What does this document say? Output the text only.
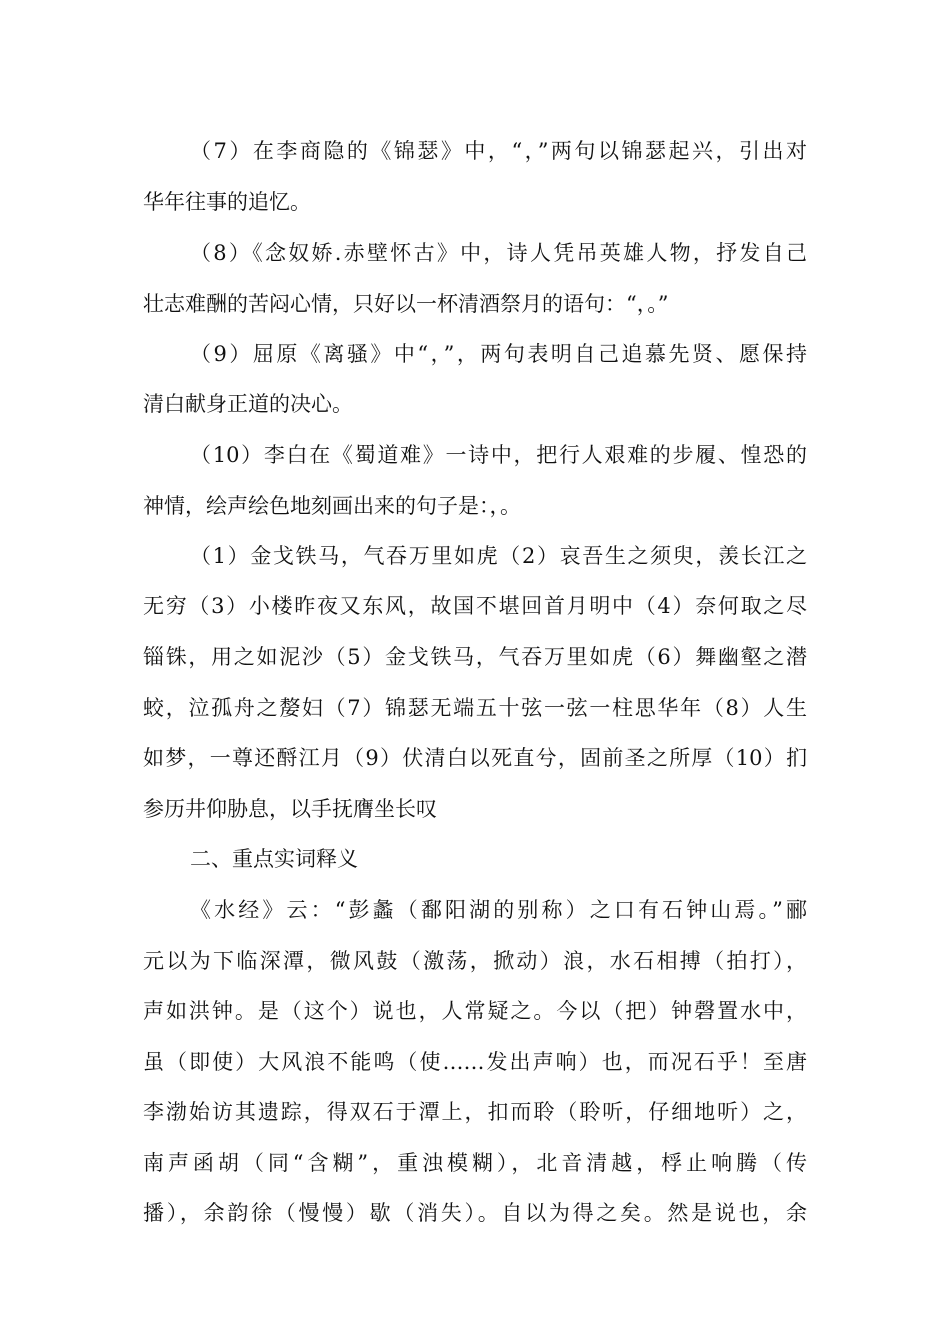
（7）在李商隐的《锦瑟》中，“，”两句以锦瑟起兴，引出对
华年往事的追忆。
（8）《念奴娇.赤壁怀古》中，诗人凭吊英雄人物，抒发自己
壮志难酬的苦闷心情，只好以一杯清酒祭月的语句：“，。”
（9）屈原《离骚》中“，”，两句表明自己追慕先贤、愿保持
清白献身正道的决心。
（10）李白在《蜀道难》一诗中，把行人艰难的步履、惶恐的
神情，绘声绘色地刻画出来的句子是：，。
（1）金戈铁马，气吞万里如虎（2）哀吾生之须臾，羡长江之
无穷（3）小楼昨夜又东风，故国不堪回首月明中（4）奈何取之尽
锱铢，用之如泥沙（5）金戈铁马，气吞万里如虎（6）舞幽壑之潜
蛟，泣孤舟之嫠妇（7）锦瑟无端五十弦一弦一柱思华年（8）人生
如梦，一尊还酹江月（9）伏清白以死直兮，固前圣之所厚（10）扪
参历井仰胁息，以手抚膺坐长叹
二、重点实词释义
《水经》云：“彭蠡（鄱阳湖的别称）之口有石钟山焉。”郦
元以为下临深潭，微风鼓（激荡，掀动）浪，水石相搏（拍打），
声如洪钟。是（这个）说也，人常疑之。今以（把）钟磬置水中，
虽（即使）大风浪不能鸣（使……发出声响）也，而况石乎！至唐
李渤始访其遗踪，得双石于潭上，扣而聆（聆听，仔细地听）之，
南声函胡（同“含糊”，重浊模糊），北音清越，桴止响腾（传
播），余韵徐（慢慢）歇（消失）。自以为得之矣。然是说也，余
